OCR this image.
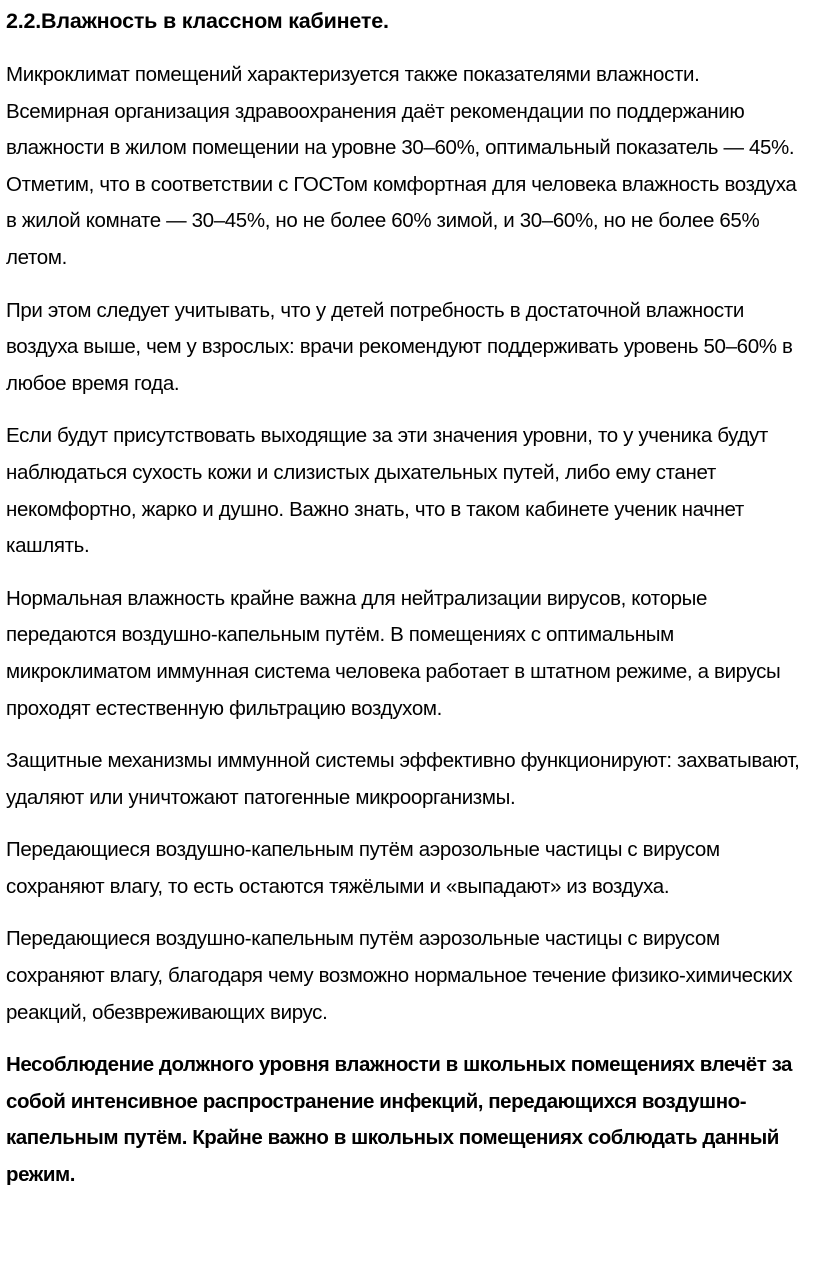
2.2.Влажность в классном кабинете.

Микроклимат помещений характеризуется также показателями влажности. Всемирная организация здравоохранения даёт рекомендации по поддержанию влажности в жилом помещении на уровне 30–60%, оптимальный показатель — 45%. Отметим, что в соответствии с ГОСТом комфортная для человека влажность воздуха в жилой комнате — 30–45%, но не более 60% зимой, и 30–60%, но не более 65% летом.

При этом следует учитывать, что у детей потребность в достаточной влажности воздуха выше, чем у взрослых: врачи рекомендуют поддерживать уровень 50–60% в любое время года.

Если будут присутствовать выходящие за эти значения уровни, то у ученика будут наблюдаться сухость кожи и слизистых дыхательных путей, либо ему станет некомфортно, жарко и душно. Важно знать, что в таком кабинете ученик начнет кашлять.

Нормальная влажность крайне важна для нейтрализации вирусов, которые передаются воздушно-капельным путём. В помещениях с оптимальным микроклиматом иммунная система человека работает в штатном режиме, а вирусы проходят естественную фильтрацию воздухом.

Защитные механизмы иммунной системы эффективно функционируют: захватывают, удаляют или уничтожают патогенные микроорганизмы.

Передающиеся воздушно-капельным путём аэрозольные частицы с вирусом сохраняют влагу, то есть остаются тяжёлыми и «выпадают» из воздуха.

Передающиеся воздушно-капельным путём аэрозольные частицы с вирусом сохраняют влагу, благодаря чему возможно нормальное течение физико-химических реакций, обезвреживающих вирус.

Несоблюдение должного уровня влажности в школьных помещениях влечёт за собой интенсивное распространение инфекций, передающихся воздушно-капельным путём. Крайне важно в школьных помещениях соблюдать данный режим.
